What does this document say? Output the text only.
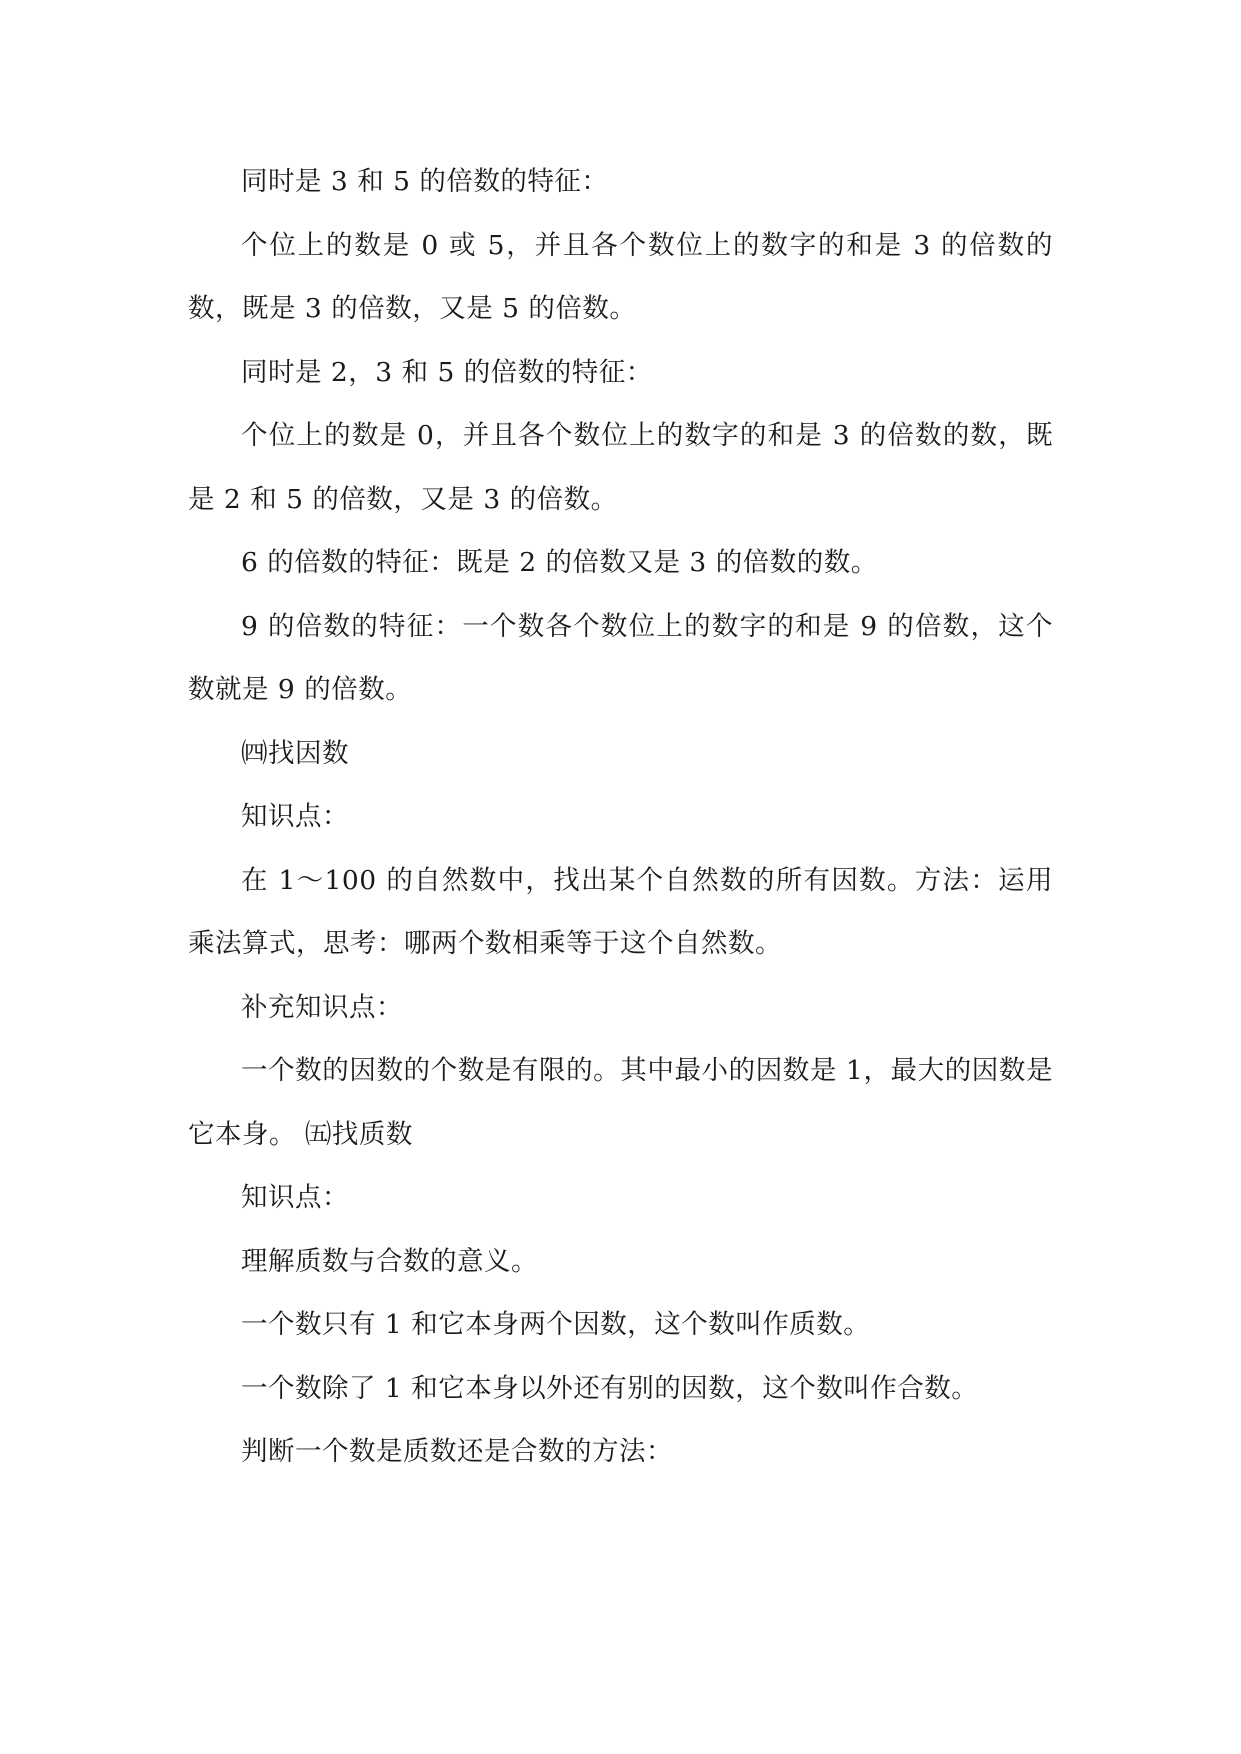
同时是 3 和 5 的倍数的特征：

个位上的数是 0 或 5，并且各个数位上的数字的和是 3 的倍数的数，既是 3 的倍数，又是 5 的倍数。

同时是 2，3 和 5 的倍数的特征：

个位上的数是 0，并且各个数位上的数字的和是 3 的倍数的数，既是 2 和 5 的倍数，又是 3 的倍数。

6 的倍数的特征：既是 2 的倍数又是 3 的倍数的数。

9 的倍数的特征：一个数各个数位上的数字的和是 9 的倍数，这个数就是 9 的倍数。

㈣找因数

知识点：

在 1～100 的自然数中，找出某个自然数的所有因数。方法：运用乘法算式，思考：哪两个数相乘等于这个自然数。

补充知识点：

一个数的因数的个数是有限的。其中最小的因数是 1，最大的因数是它本身。 ㈤找质数

知识点：

理解质数与合数的意义。

一个数只有 1 和它本身两个因数，这个数叫作质数。

一个数除了 1 和它本身以外还有别的因数，这个数叫作合数。

判断一个数是质数还是合数的方法：
